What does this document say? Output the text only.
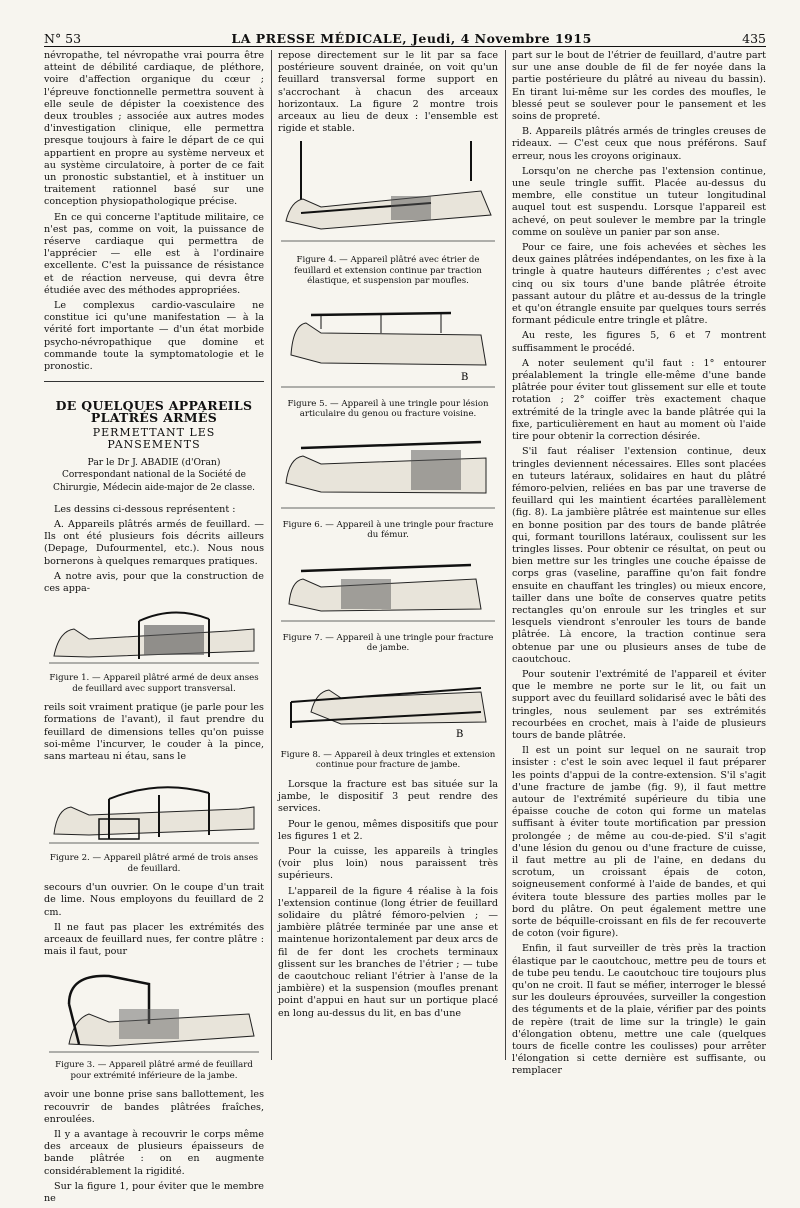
N° 53	LA PRESSE MÉDICALE, Jeudi, 4 Novembre 1915	435

névropathe, tel névropathe vrai pourra être atteint de débilité cardiaque, de pléthore, voire d'affection organique du cœur ; l'épreuve fonctionnelle permettra souvent à elle seule de dépister la coexistence des deux troubles ; associée aux autres modes d'investigation clinique, elle permettra presque toujours à faire le départ de ce qui appartient en propre au système nerveux et au système circulatoire, à porter de ce fait un pronostic substantiel, et à instituer un traitement rationnel basé sur une conception physiopathologique précise.

En ce qui concerne l'aptitude militaire, ce n'est pas, comme on voit, la puissance de réserve cardiaque qui permettra de l'apprécier — elle est à l'ordinaire excellente. C'est la puissance de résistance et de réaction nerveuse, qui devra être étudiée avec des méthodes appropriées.

Le complexus cardio-vasculaire ne constitue ici qu'une manifestation — à la vérité fort importante — d'un état morbide psycho-névropathique que domine et commande toute la symptomatologie et le pronostic.

DE QUELQUES APPAREILS PLATRÉS ARMÉS
PERMETTANT LES PANSEMENTS
Par le Dr J. ABADIE (d'Oran)
Correspondant national de la Société de Chirurgie, Médecin aide-major de 2e classe.

Les dessins ci-dessous représentent :

A. Appareils plâtrés armés de feuillard. — Ils ont été plusieurs fois décrits ailleurs (Depage, Dufourmentel, etc.). Nous nous bornerons à quelques remarques pratiques.

A notre avis, pour que la construction de ces appa-

Figure 1. — Appareil plâtré armé de deux anses de feuillard avec support transversal.

reils soit vraiment pratique (je parle pour les formations de l'avant), il faut prendre du feuillard de dimensions telles qu'on puisse soi-même l'incurver, le couder à la pince, sans marteau ni étau, sans le

Figure 2. — Appareil plâtré armé de trois anses de feuillard.

secours d'un ouvrier. On le coupe d'un trait de lime. Nous employons du feuillard de 2 cm.

Il ne faut pas placer les extrémités des arceaux de feuillard nues, fer contre plâtre : mais il faut, pour

Figure 3. — Appareil plâtré armé de feuillard pour extrémité inférieure de la jambe.

avoir une bonne prise sans ballottement, les recouvrir de bandes plâtrées fraîches, enroulées.

Il y a avantage à recouvrir le corps même des arceaux de plusieurs épaisseurs de bande plâtrée : on en augmente considérablement la rigidité.

Sur la figure 1, pour éviter que le membre ne

repose directement sur le lit par sa face postérieure souvent drainée, on voit qu'un feuillard transversal forme support en s'accrochant à chacun des arceaux horizontaux. La figure 2 montre trois arceaux au lieu de deux : l'ensemble est rigide et stable.

Figure 4. — Appareil plâtré avec étrier de feuillard et extension continue par traction élastique, et suspension par moufles.
B
Figure 5. — Appareil à une tringle pour lésion articulaire du genou ou fracture voisine.
Figure 6. — Appareil à une tringle pour fracture du fémur.
Figure 7. — Appareil à une tringle pour fracture de jambe.
B
Figure 8. — Appareil à deux tringles et extension continue pour fracture de jambe.

Lorsque la fracture est bas située sur la jambe, le dispositif 3 peut rendre des services.

Pour le genou, mêmes dispositifs que pour les figures 1 et 2.

Pour la cuisse, les appareils à tringles (voir plus loin) nous paraissent très supérieurs.

L'appareil de la figure 4 réalise à la fois l'extension continue (long étrier de feuillard solidaire du plâtré fémoro-pelvien ; — jambière plâtrée terminée par une anse et maintenue horizontalement par deux arcs de fil de fer dont les crochets terminaux glissent sur les branches de l'étrier ; — tube de caoutchouc reliant l'étrier à l'anse de la jambière) et la suspension (moufles prenant point d'appui en haut sur un portique placé en long au-dessus du lit, en bas d'une

part sur le bout de l'étrier de feuillard, d'autre part sur une anse double de fil de fer noyée dans la partie postérieure du plâtré au niveau du bassin). En tirant lui-même sur les cordes des moufles, le blessé peut se soulever pour le pansement et les soins de propreté.

B. Appareils plâtrés armés de tringles creuses de rideaux. — C'est ceux que nous préférons. Sauf erreur, nous les croyons originaux.

Lorsqu'on ne cherche pas l'extension continue, une seule tringle suffit. Placée au-dessus du membre, elle constitue un tuteur longitudinal auquel tout est suspendu. Lorsque l'appareil est achevé, on peut soulever le membre par la tringle comme on soulève un panier par son anse.

Pour ce faire, une fois achevées et sèches les deux gaines plâtrées indépendantes, on les fixe à la tringle à quatre hauteurs différentes ; c'est avec cinq ou six tours d'une bande plâtrée étroite passant autour du plâtre et au-dessus de la tringle et qu'on étrangle ensuite par quelques tours serrés formant pédicule entre tringle et plâtre.

Au reste, les figures 5, 6 et 7 montrent suffisamment le procédé.

A noter seulement qu'il faut : 1° entourer préalablement la tringle elle-même d'une bande plâtrée pour éviter tout glissement sur elle et toute rotation ; 2° coiffer très exactement chaque extrémité de la tringle avec la bande plâtrée qui la fixe, particulièrement en haut au moment où l'aide tire pour obtenir la correction désirée.

S'il faut réaliser l'extension continue, deux tringles deviennent nécessaires. Elles sont placées en tuteurs latéraux, solidaires en haut du plâtré fémoro-pelvien, reliées en bas par une traverse de feuillard qui les maintient écartées parallèlement (fig. 8). La jambière plâtrée est maintenue sur elles en bonne position par des tours de bande plâtrée qui, formant tourillons latéraux, coulissent sur les tringles lisses. Pour obtenir ce résultat, on peut ou bien mettre sur les tringles une couche épaisse de corps gras (vaseline, paraffine qu'on fait fondre ensuite en chauffant les tringles) ou mieux encore, tailler dans une boîte de conserves quatre petits rectangles qu'on enroule sur les tringles et sur lesquels viendront s'enrouler les tours de bande plâtrée. Là encore, la traction continue sera obtenue par une ou plusieurs anses de tube de caoutchouc.

Pour soutenir l'extrémité de l'appareil et éviter que le membre ne porte sur le lit, ou fait un support avec du feuillard solidarisé avec le bâti des tringles, nous seulement par ses extrémités recourbées en crochet, mais à l'aide de plusieurs tours de bande plâtrée.

Il est un point sur lequel on ne saurait trop insister : c'est le soin avec lequel il faut préparer les points d'appui de la contre-extension. S'il s'agit d'une fracture de jambe (fig. 9), il faut mettre autour de l'extrémité supérieure du tibia une épaisse couche de coton qui forme un matelas suffisant à éviter toute mortification par pression prolongée ; de même au cou-de-pied. S'il s'agit d'une lésion du genou ou d'une fracture de cuisse, il faut mettre au pli de l'aine, en dedans du scrotum, un croissant épais de coton, soigneusement conformé à l'aide de bandes, et qui évitera toute blessure des parties molles par le bord du plâtre. On peut également mettre une sorte de béquille-croissant en fils de fer recouverte de coton (voir figure).

Enfin, il faut surveiller de très près la traction élastique par le caoutchouc, mettre peu de tours et de tube peu tendu. Le caoutchouc tire toujours plus qu'on ne croit. Il faut se méfier, interroger le blessé sur les douleurs éprouvées, surveiller la congestion des téguments et de la plaie, vérifier par des points de repère (trait de lime sur la tringle) le gain d'élongation obtenu, mettre une cale (quelques tours de ficelle contre les coulisses) pour arrêter l'élongation si cette dernière est suffisante, ou remplacer
